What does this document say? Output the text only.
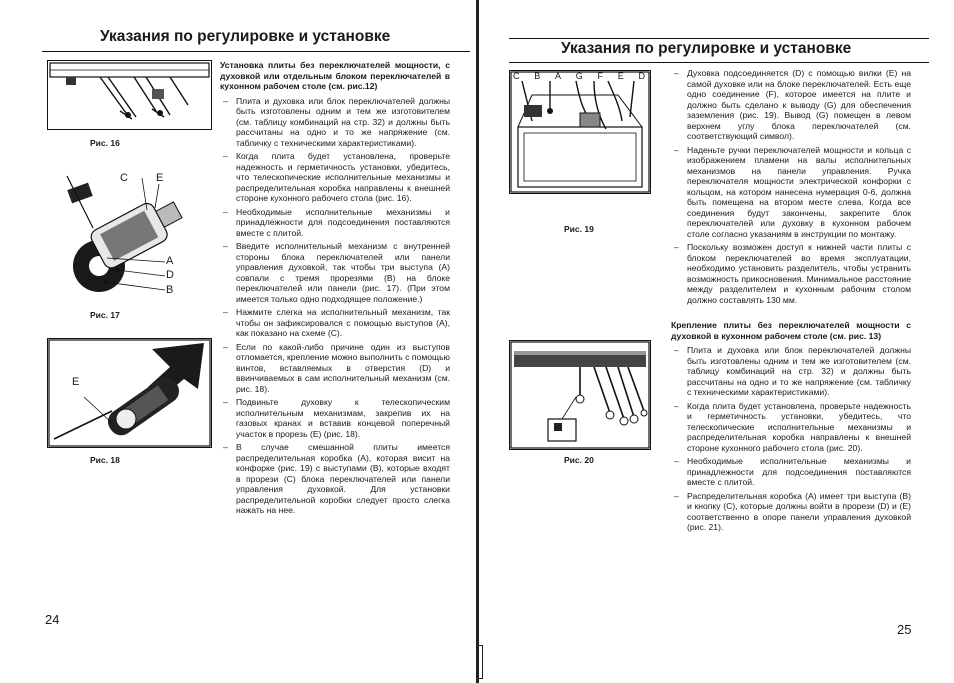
Указания по регулировке и установке
Рис. 16
C	E
A
D
B
Рис. 17
E
Рис. 18
Установка плиты без переключателей мощности, с духовкой или отдельным блоком переключателей в кухонном рабочем столе (см. рис.12)
– Плита и духовка или блок переключателей должны быть изготовлены одним и тем же изготовителем (см. таблицу комбинаций на стр. 32) и должны быть рассчитаны на одно и то же напряжение (см. табличку с техническими характеристиками).
– Когда плита будет установлена, проверьте надежность и герметичность установки, убедитесь, что телескопические исполнительные механизмы и распределительная коробка направлены к внешней стороне кухонного рабочего стола (рис. 16).
– Необходимые исполнительные механизмы и принадлежности для подсоединения поставляются вместе с плитой.
– Введите исполнительный механизм с внутренней стороны блока переключателей или панели управления духовкой, так чтобы три выступа (А) совпали с тремя прорезями (В) на блоке переключателей или панели (рис. 17). (При этом имеется только одно подходящее положение.)
– Нажмите слегка на исполнительный механизм, так чтобы он зафиксировался с помощью выступов (А), как показано на схеме (С).
– Если по какой-либо причине один из выступов отломается, крепление можно выполнить с помощью винтов, вставляемых в отверстия (D) и ввинчиваемых в сам исполнительный механизм (см. рис. 18).
– Подвиньте духовку к телескопическим исполнительным механизмам, закрепив их на газовых кранах и вставив концевой поперечный участок в прорезь (Е) (рис. 18).
– В случае смешанной плиты имеется распределительная коробка (А), которая висит на конфорке (рис. 19) с выступами (В), которые входят в прорези (С) блока переключателей или панели управления духовкой. Для установки распределительной коробки следует просто слегка нажать на нее.
24
Указания по регулировке и установке
C B A G F E D
Рис. 19
Рис. 20
– Духовка подсоединяется (D) с помощью вилки (Е) на самой духовке или на блоке переключателей. Есть еще одно соединение (F), которое имеется на плите и должно быть сделано к выводу (G) для обеспечения заземления (рис. 19). Вывод (G) помещен в левом верхнем углу блока переключателей (см. соответствующий символ).
– Наденьте ручки переключателей мощности и кольца с изображением пламени на валы исполнительных механизмов на панели управления. Ручка переключателя мощности электрической конфорки с кольцом, на котором нанесена нумерация 0-6, должна быть помещена на втором месте слева. Когда все соединения будут закончены, закрепите блок переключателей или духовку в кухонном рабочем столе согласно указаниям в инструкции по монтажу.
– Поскольку возможен доступ к нижней части плиты с блоком переключателей во время эксплуатации, необходимо установить разделитель, чтобы устранить возможность прикосновения. Минимальное расстояние между разделителем и кухонным рабочим столом должно составлять 130 мм.
Крепление плиты без переключателей мощности с духовкой в кухонном рабочем столе (см. рис. 13)
– Плита и духовка или блок переключателей должны быть изготовлены одним и тем же изготовителем (см. таблицу комбинаций на стр. 32) и должны быть рассчитаны на одно и то же напряжение (см. табличку с техническими характеристиками).
– Когда плита будет установлена, проверьте надежность и герметичность установки, убедитесь, что телескопические исполнительные механизмы и распределительная коробка направлены к внешней стороне кухонного рабочего стола (рис. 20).
– Необходимые исполнительные механизмы и принадлежности для подсоединения поставляются вместе с плитой.
– Распределительная коробка (А) имеет три выступа (В) и кнопку (С), которые должны войти в прорези (D) и (Е) соответственно в опоре панели управления духовкой (рис. 21).
25
